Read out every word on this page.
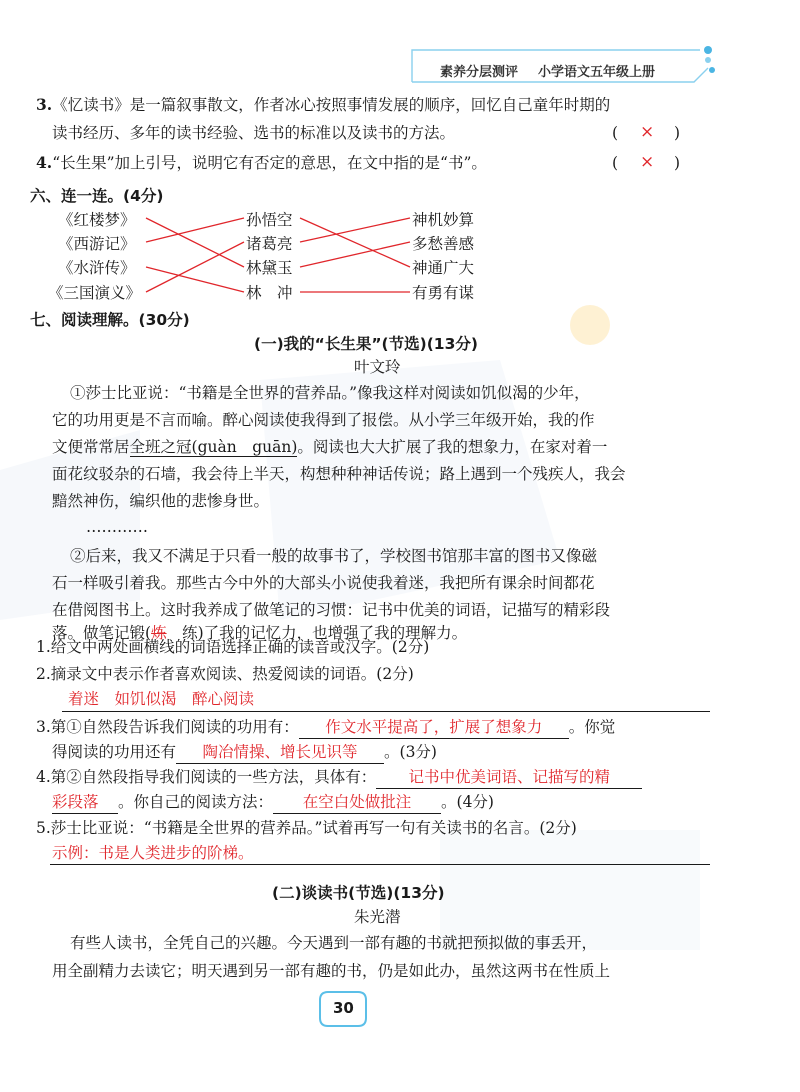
素养分层测评 小学语文五年级上册
3.《忆读书》是一篇叙事散文，作者冰心按照事情发展的顺序，回忆自己童年时期的
读书经历、多年的读书经验、选书的标准以及读书的方法。	( × )
4.“长生果”加上引号，说明它有否定的意思，在文中指的是“书”。	( × )
六、连一连。(4分)
《红楼梦》
《西游记》
《水浒传》
《三国演义》
孙悟空
诸葛亮
林黛玉
林　冲
神机妙算
多愁善感
神通广大
有勇有谋
七、阅读理解。(30分)
(一)我的“长生果”(节选)(13分)
叶文玲
①莎士比亚说：“书籍是全世界的营养品。”像我这样对阅读如饥似渴的少年，
它的功用更是不言而喻。醉心阅读使我得到了报偿。从小学三年级开始，我的作
文便常常居全班之冠(guàn　guān)。阅读也大大扩展了我的想象力，在家对着一
面花纹驳杂的石墙，我会待上半天，构想种种神话传说；路上遇到一个残疾人，我会
黯然神伤，编织他的悲惨身世。
…………
②后来，我又不满足于只看一般的故事书了，学校图书馆那丰富的图书又像磁
石一样吸引着我。那些古今中外的大部头小说使我着迷，我把所有课余时间都花
在借阅图书上。这时我养成了做笔记的习惯：记书中优美的词语，记描写的精彩段
落。做笔记锻(炼　练)了我的记忆力，也增强了我的理解力。
1.给文中两处画横线的词语选择正确的读音或汉字。(2分)
2.摘录文中表示作者喜欢阅读、热爱阅读的词语。(2分)
着迷　如饥似渴　醉心阅读
3.第①自然段告诉我们阅读的功用有： 作文水平提高了，扩展了想象力 。你觉
得阅读的功用还有 陶冶情操、增长见识等 。(3分)
4.第②自然段指导我们阅读的一些方法，具体有： 记书中优美词语、记描写的精
彩段落 。你自己的阅读方法： 在空白处做批注 。(4分)
5.莎士比亚说：“书籍是全世界的营养品。”试着再写一句有关读书的名言。(2分)
示例：书是人类进步的阶梯。
(二)谈读书(节选)(13分)
朱光潜
有些人读书，全凭自己的兴趣。今天遇到一部有趣的书就把预拟做的事丢开，
用全副精力去读它；明天遇到另一部有趣的书，仍是如此办，虽然这两书在性质上
30
